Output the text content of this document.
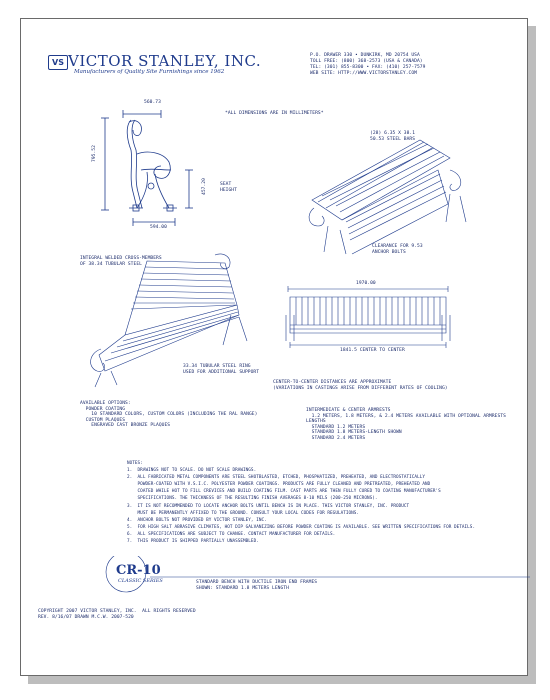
VS VICTOR STANLEY, INC.
Manufacturers of Quality Site Furnishings since 1962
P.O. DRAWER 330 • DUNKIRK, MD 20754 USA
TOLL FREE: (800) 368-2573 (USA & CANADA)
TEL: (301) 855-8300 • FAX: (410) 257-7579
WEB SITE: HTTP://WWW.VICTORSTANLEY.COM
*ALL DIMENSIONS ARE IN MILLIMETERS*
560.73
795.52
594.00
457.20	SEAT
HEIGHT
(28) 6.35 X 38.1
50.53 STEEL BARS
CLEARANCE FOR 9.53
ANCHOR BOLTS
INTEGRAL WELDED CROSS-MEMBERS
OF 38.34 TUBULAR STEEL
33.34 TUBULAR STEEL RING
USED FOR ADDITIONAL SUPPORT
1970.00
1841.5 CENTER TO CENTER
CENTER-TO-CENTER DISTANCES ARE APPROXIMATE
(VARIATIONS IN CASTINGS ARISE FROM DIFFERENT RATES OF COOLING)
AVAILABLE OPTIONS:
POWDER COATING
10 STANDARD COLORS, CUSTOM COLORS (INCLUDING THE RAL RANGE)
CUSTOM PLAQUES
ENGRAVED CAST BRONZE PLAQUES
INTERMEDIATE & CENTER ARMRESTS
1.2 METERS, 1.8 METERS, & 2.4 METERS AVAILABLE WITH OPTIONAL ARMRESTS
LENGTHS
STANDARD 1.2 METERS
STANDARD 1.8 METERS-LENGTH SHOWN
STANDARD 2.4 METERS
NOTES:
1.  DRAWINGS NOT TO SCALE. DO NOT SCALE DRAWINGS.
2.  ALL FABRICATED METAL COMPONENTS ARE STEEL SHOTBLASTED, ETCHED, PHOSPHATIZED, PREHEATED, AND ELECTROSTATICALLY
POWDER-COATED WITH V.S.I.C. POLYESTER POWDER COATINGS. PRODUCTS ARE FULLY CLEANED AND PRETREATED, PREHEATED AND
COATED WHILE HOT TO FILL CREVICES AND BUILD COATING FILM. CAST PARTS ARE THEN FULLY CURED TO COATING MANUFACTURER'S
SPECIFICATIONS. THE THICKNESS OF THE RESULTING FINISH AVERAGES 8-10 MILS (200-250 MICRONS).
3.  IT IS NOT RECOMMENDED TO LOCATE ANCHOR BOLTS UNTIL BENCH IS IN PLACE. THIS VICTOR STANLEY, INC. PRODUCT
MUST BE PERMANENTLY AFFIXED TO THE GROUND. CONSULT YOUR LOCAL CODES FOR REGULATIONS.
4.  ANCHOR BOLTS NOT PROVIDED BY VICTOR STANLEY, INC.
5.  FOR HIGH SALT ABRASIVE CLIMATES, HOT DIP GALVANIZING BEFORE POWDER COATING IS AVAILABLE. SEE WRITTEN SPECIFICATIONS FOR DETAILS.
6.  ALL SPECIFICATIONS ARE SUBJECT TO CHANGE. CONTACT MANUFACTURER FOR DETAILS.
7.  THIS PRODUCT IS SHIPPED PARTIALLY UNASSEMBLED.
CR-10
CLASSIC SERIES	STANDARD BENCH WITH DUCTILE IRON END FRAMES
SHOWN: STANDARD 1.8 METERS LENGTH
COPYRIGHT 2007 VICTOR STANLEY, INC.  ALL RIGHTS RESERVED
REV. 8/16/07 DRAWN M.C.W. 2007-520
